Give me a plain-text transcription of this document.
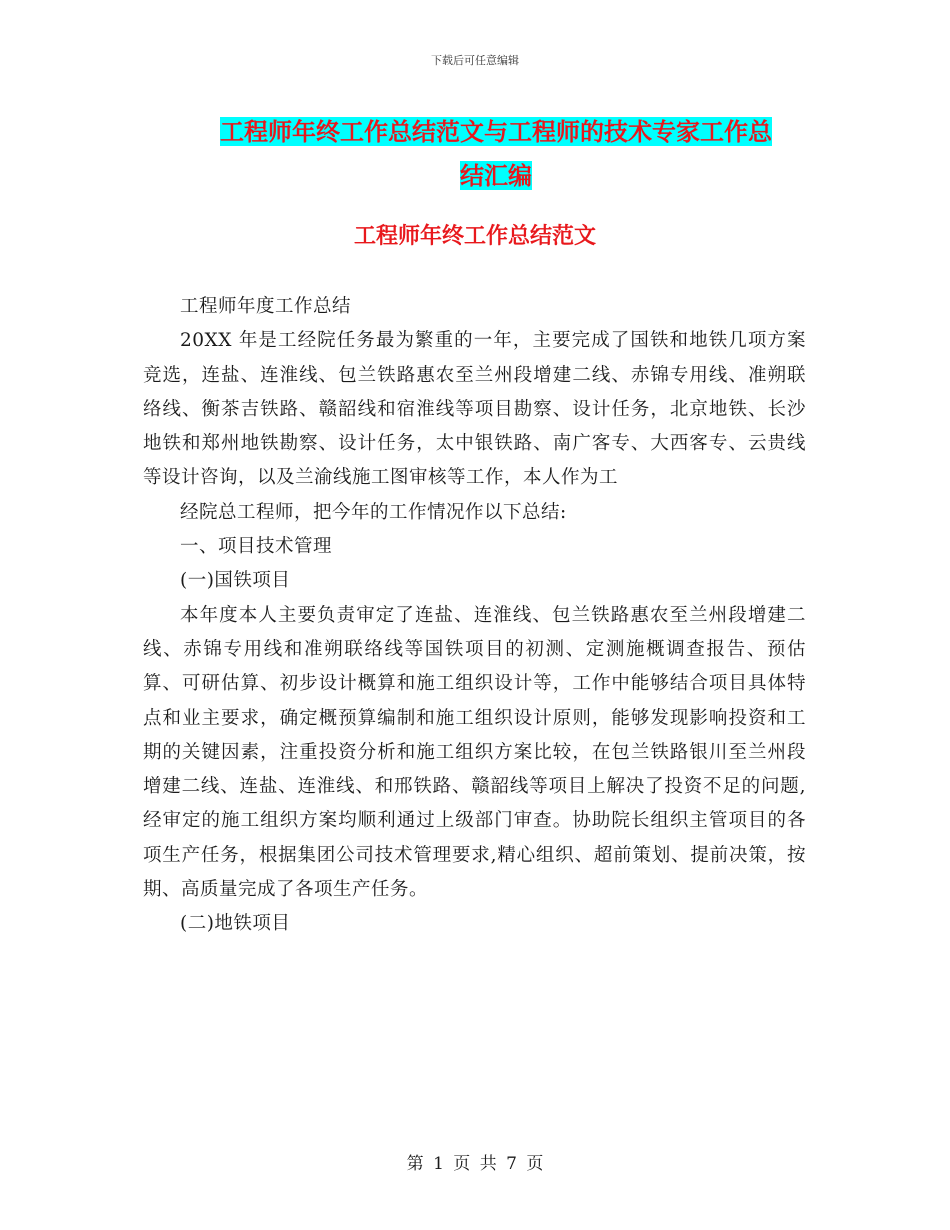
下载后可任意编辑
工程师年终工作总结范文与工程师的技术专家工作总
结汇编
工程师年终工作总结范文

工程师年度工作总结

20XX 年是工经院任务最为繁重的一年，主要完成了国铁和地铁几项方案竞选，连盐、连淮线、包兰铁路惠农至兰州段增建二线、赤锦专用线、准朔联络线、衡茶吉铁路、赣韶线和宿淮线等项目勘察、设计任务，北京地铁、长沙地铁和郑州地铁勘察、设计任务，太中银铁路、南广客专、大西客专、云贵线等设计咨询，以及兰渝线施工图审核等工作，本人作为工

经院总工程师，把今年的工作情况作以下总结:

一、项目技术管理

(一)国铁项目

本年度本人主要负责审定了连盐、连淮线、包兰铁路惠农至兰州段增建二线、赤锦专用线和准朔联络线等国铁项目的初测、定测施概调查报告、预估算、可研估算、初步设计概算和施工组织设计等，工作中能够结合项目具体特点和业主要求，确定概预算编制和施工组织设计原则，能够发现影响投资和工期的关键因素，注重投资分析和施工组织方案比较，在包兰铁路银川至兰州段增建二线、连盐、连淮线、和邢铁路、赣韶线等项目上解决了投资不足的问题,经审定的施工组织方案均顺利通过上级部门审查。协助院长组织主管项目的各项生产任务，根据集团公司技术管理要求,精心组织、超前策划、提前决策，按期、高质量完成了各项生产任务。

(二)地铁项目

第 1 页 共 7 页
